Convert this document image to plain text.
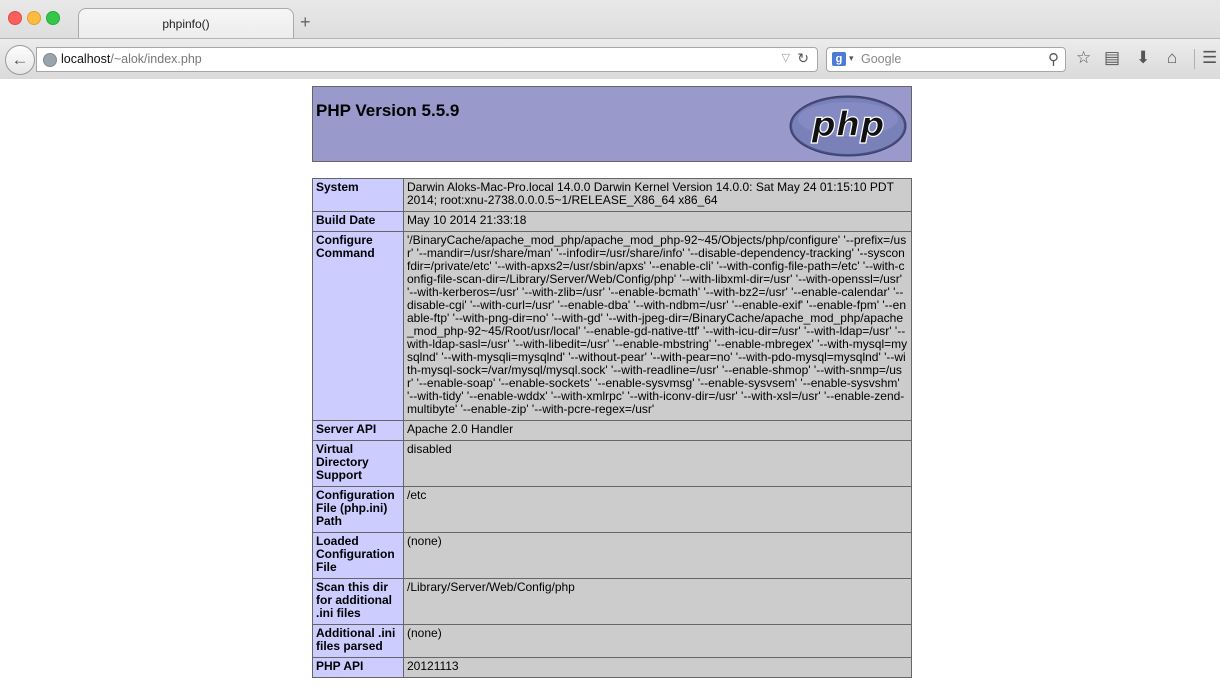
phpinfo()	+
←	localhost/~alok/index.php	▽ ↻	g ▾ Google	⚲ ☆ ▤ ⬇ ⌂ ☰
PHP Version 5.5.9	php
System	Darwin Aloks-Mac-Pro.local 14.0.0 Darwin Kernel Version 14.0.0: Sat May 24 01:15:10 PDT 2014; root:xnu-2738.0.0.0.5~1/RELEASE_X86_64 x86_64
Build Date	May 10 2014 21:33:18
Configure Command	'/BinaryCache/apache_mod_php/apache_mod_php-92~45/Objects/php/configure' '--prefix=/usr' '--mandir=/usr/share/man' '--infodir=/usr/share/info' '--disable-dependency-tracking' '--sysconfdir=/private/etc' '--with-apxs2=/usr/sbin/apxs' '--enable-cli' '--with-config-file-path=/etc' '--with-config-file-scan-dir=/Library/Server/Web/Config/php' '--with-libxml-dir=/usr' '--with-openssl=/usr' '--with-kerberos=/usr' '--with-zlib=/usr' '--enable-bcmath' '--with-bz2=/usr' '--enable-calendar' '--disable-cgi' '--with-curl=/usr' '--enable-dba' '--with-ndbm=/usr' '--enable-exif' '--enable-fpm' '--enable-ftp' '--with-png-dir=no' '--with-gd' '--with-jpeg-dir=/BinaryCache/apache_mod_php/apache_mod_php-92~45/Root/usr/local' '--enable-gd-native-ttf' '--with-icu-dir=/usr' '--with-ldap=/usr' '--with-ldap-sasl=/usr' '--with-libedit=/usr' '--enable-mbstring' '--enable-mbregex' '--with-mysql=mysqlnd' '--with-mysqli=mysqlnd' '--without-pear' '--with-pear=no' '--with-pdo-mysql=mysqlnd' '--with-mysql-sock=/var/mysql/mysql.sock' '--with-readline=/usr' '--enable-shmop' '--with-snmp=/usr' '--enable-soap' '--enable-sockets' '--enable-sysvmsg' '--enable-sysvsem' '--enable-sysvshm' '--with-tidy' '--enable-wddx' '--with-xmlrpc' '--with-iconv-dir=/usr' '--with-xsl=/usr' '--enable-zend-multibyte' '--enable-zip' '--with-pcre-regex=/usr'
Server API	Apache 2.0 Handler
Virtual Directory Support	disabled
Configuration File (php.ini) Path	/etc
Loaded Configuration File	(none)
Scan this dir for additional .ini files	/Library/Server/Web/Config/php
Additional .ini files parsed	(none)
PHP API	20121113
